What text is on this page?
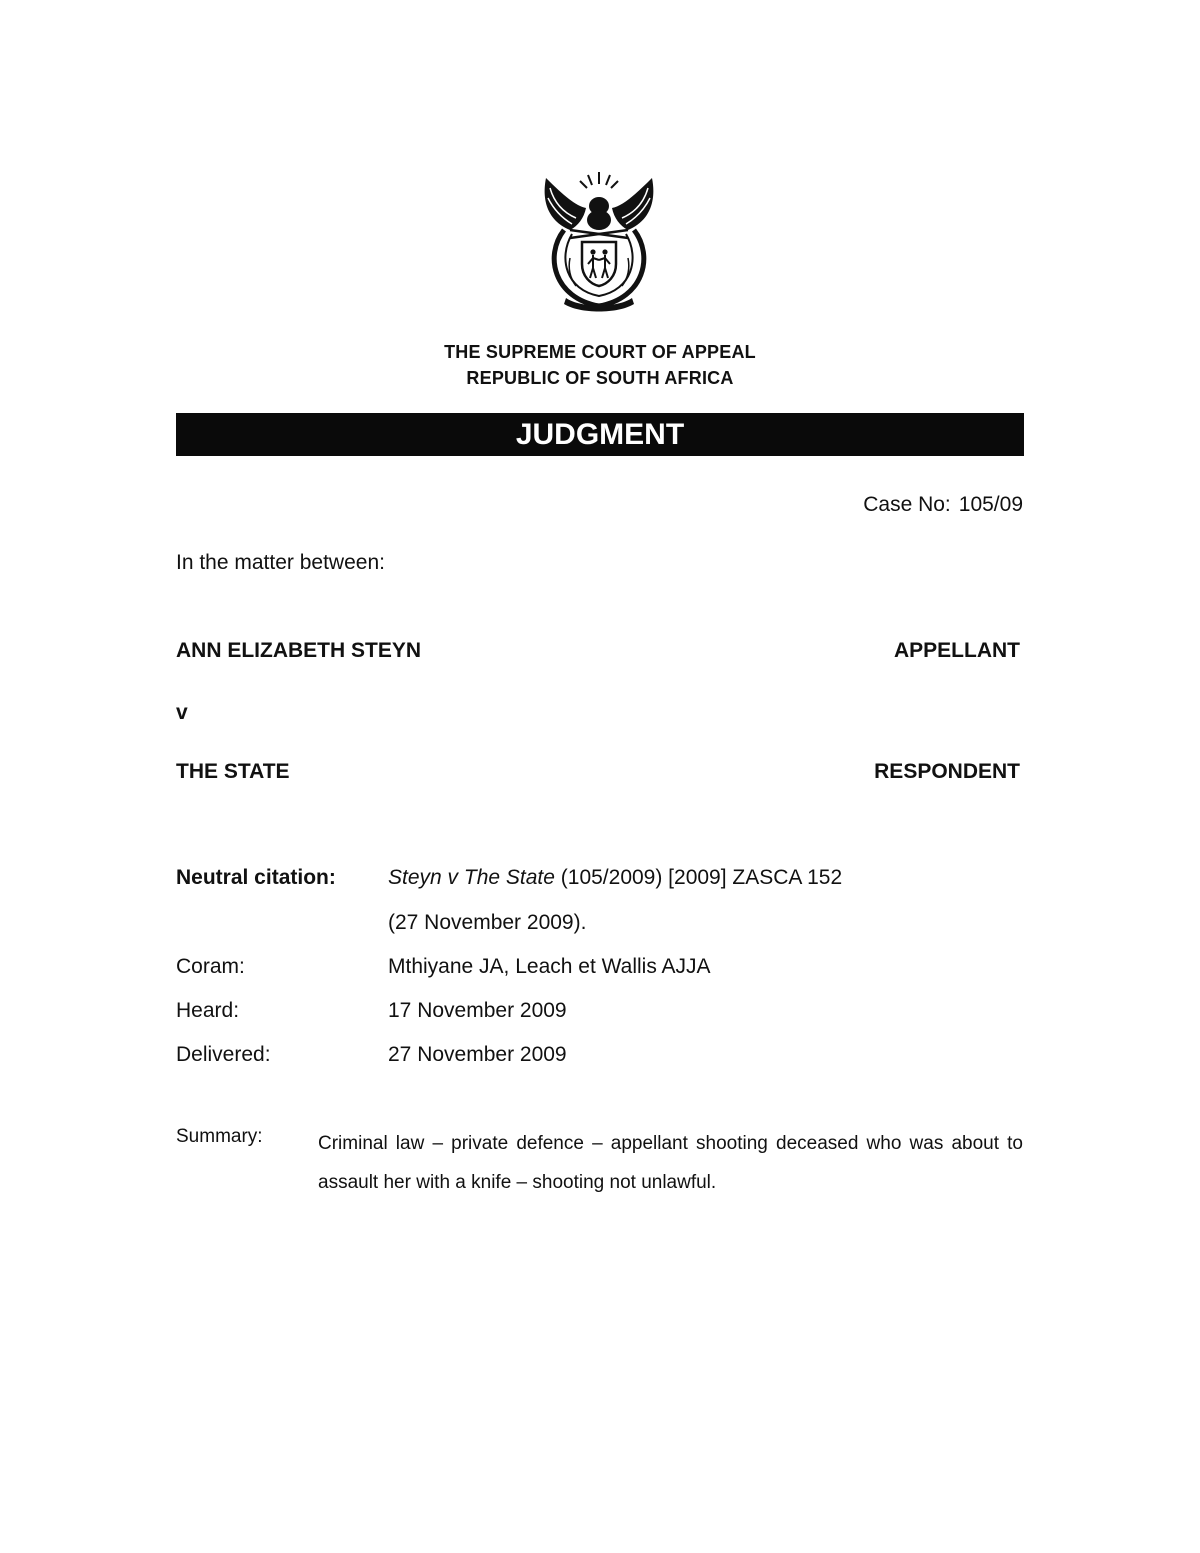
THE SUPREME COURT OF APPEAL
REPUBLIC OF SOUTH AFRICA
JUDGMENT
Case No: 105/09
In the matter between:
ANN ELIZABETH STEYN	APPELLANT
v
THE STATE	RESPONDENT
Neutral citation: Steyn v The State (105/2009) [2009] ZASCA 152
(27 November 2009).
Coram:	Mthiyane JA, Leach et Wallis AJJA
Heard:	17 November 2009
Delivered:	27 November 2009
Summary:	Criminal law – private defence – appellant shooting deceased who was about to assault her with a knife – shooting not unlawful.
